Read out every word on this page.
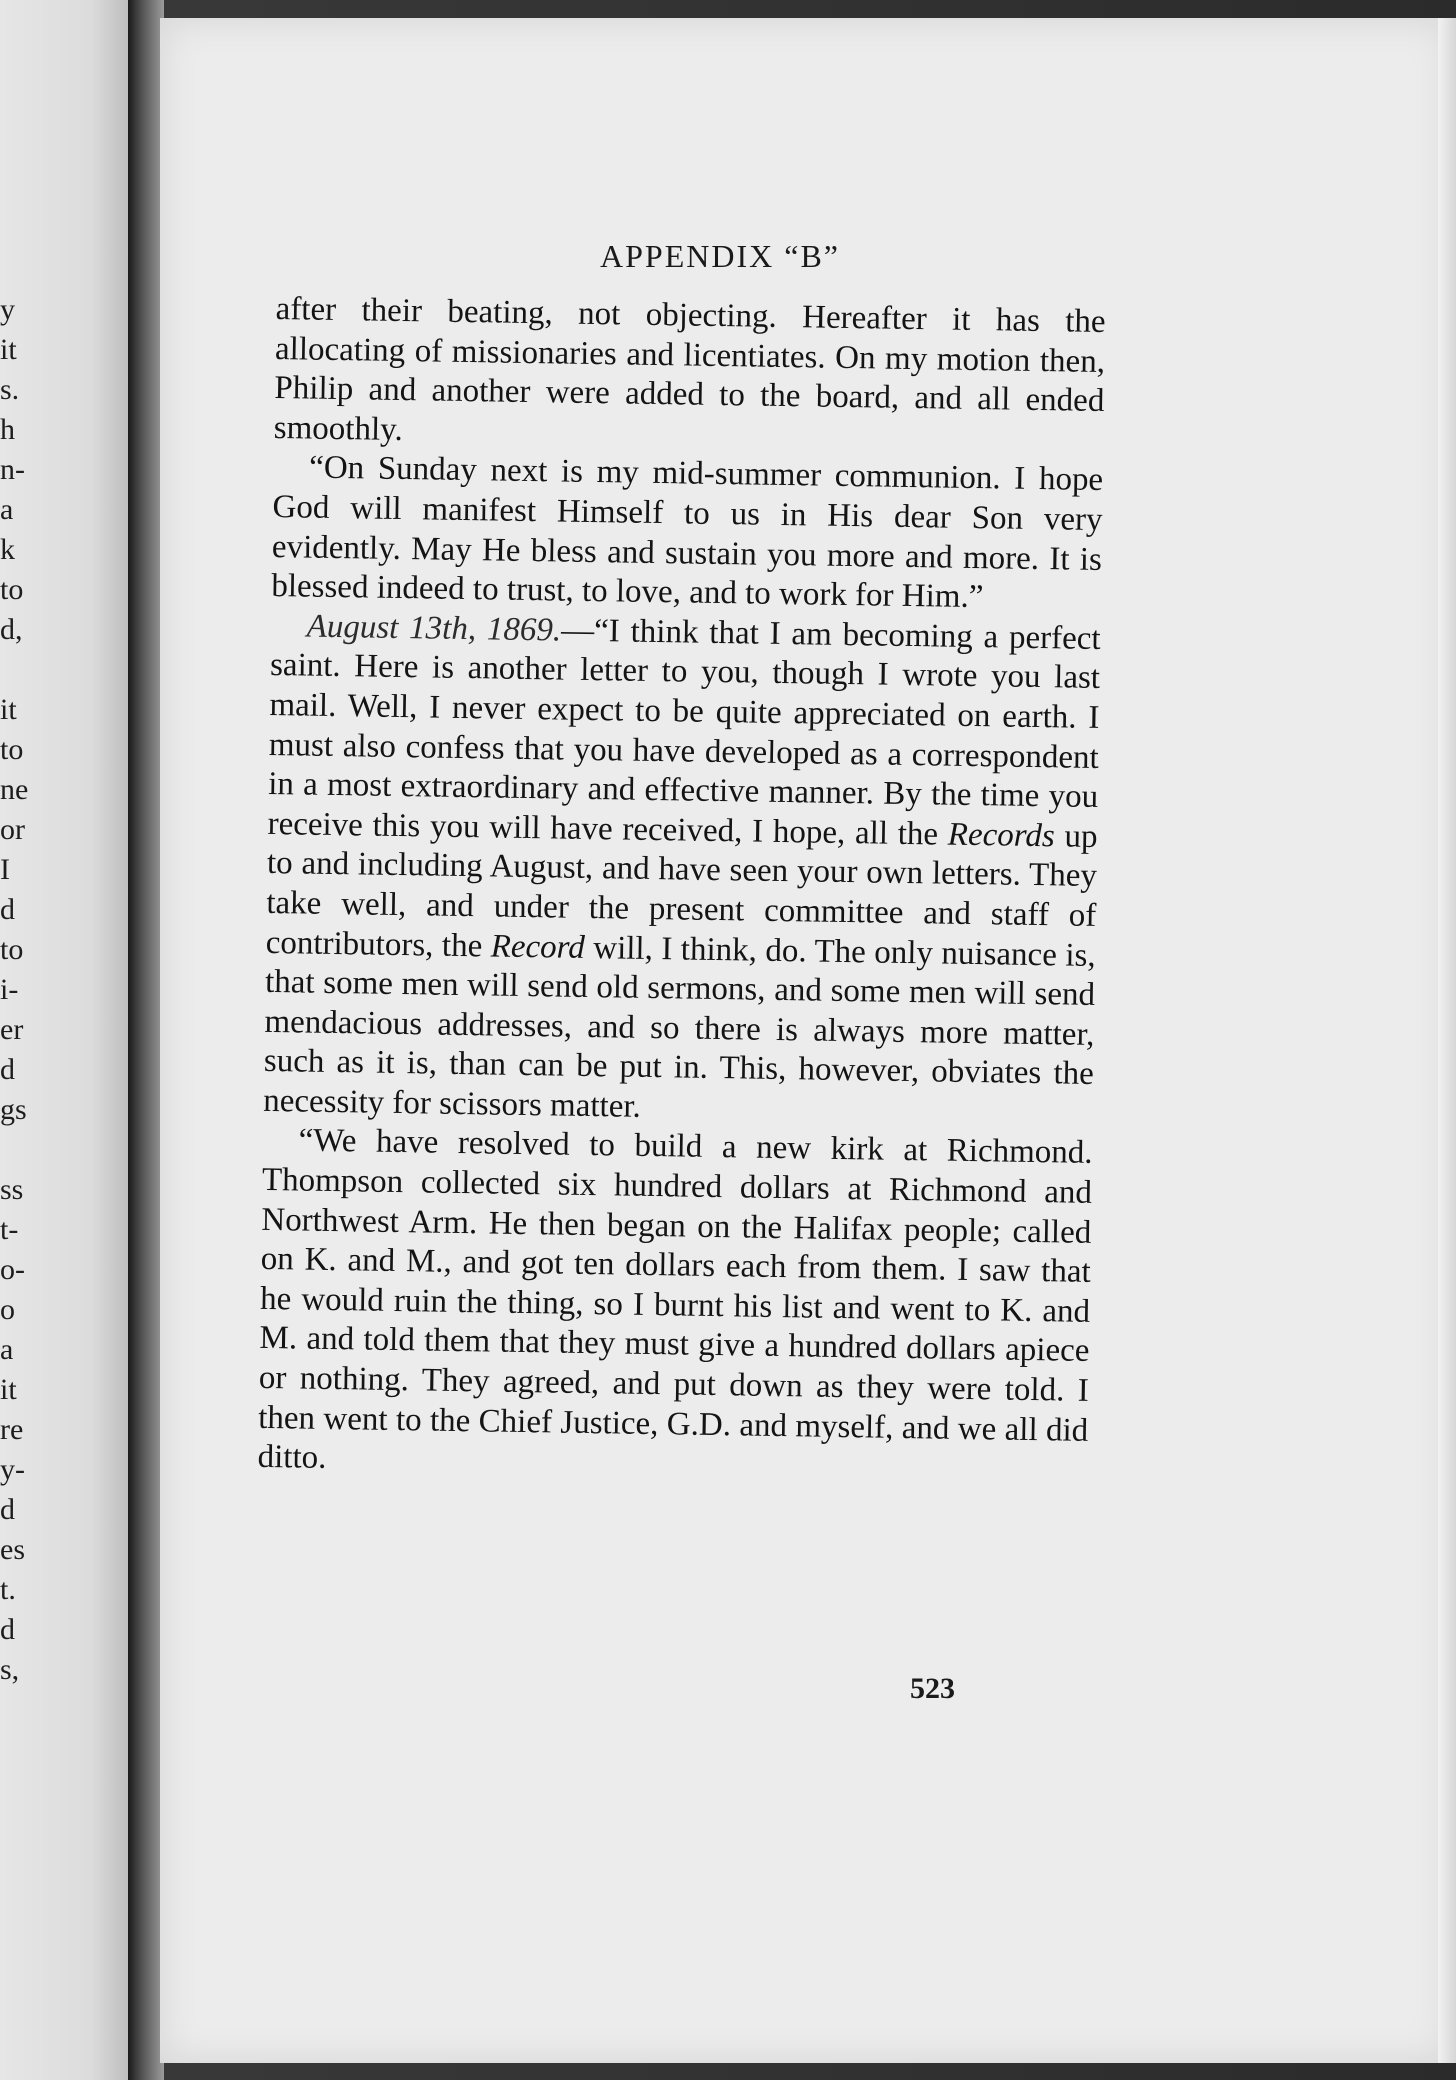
y
it
s.
h
n-
a
k
to
d,
it
to
ne
or
I
d
to
i-
er
d
gs
ss
t-
o-
o
a
it
re
y-
d
es
t.
d
s,
APPENDIX “B”

after their beating, not objecting. Hereafter it has the allocating of missionaries and licentiates. On my motion then, Philip and another were added to the board, and all ended smoothly.

“On Sunday next is my mid-summer communion. I hope God will manifest Himself to us in His dear Son very evidently. May He bless and sustain you more and more. It is blessed indeed to trust, to love, and to work for Him.”

August 13th, 1869.—“I think that I am becoming a perfect saint. Here is another letter to you, though I wrote you last mail. Well, I never expect to be quite appreciated on earth. I must also confess that you have developed as a correspondent in a most extraordinary and effective manner. By the time you receive this you will have received, I hope, all the Records up to and including August, and have seen your own letters. They take well, and under the present committee and staff of contributors, the Record will, I think, do. The only nuisance is, that some men will send old sermons, and some men will send mendacious addresses, and so there is always more matter, such as it is, than can be put in. This, however, obviates the necessity for scissors matter.

“We have resolved to build a new kirk at Richmond. Thompson collected six hundred dollars at Richmond and Northwest Arm. He then began on the Halifax people; called on K. and M., and got ten dollars each from them. I saw that he would ruin the thing, so I burnt his list and went to K. and M. and told them that they must give a hundred dollars apiece or nothing. They agreed, and put down as they were told. I then went to the Chief Justice, G.D. and myself, and we all did ditto.

523
